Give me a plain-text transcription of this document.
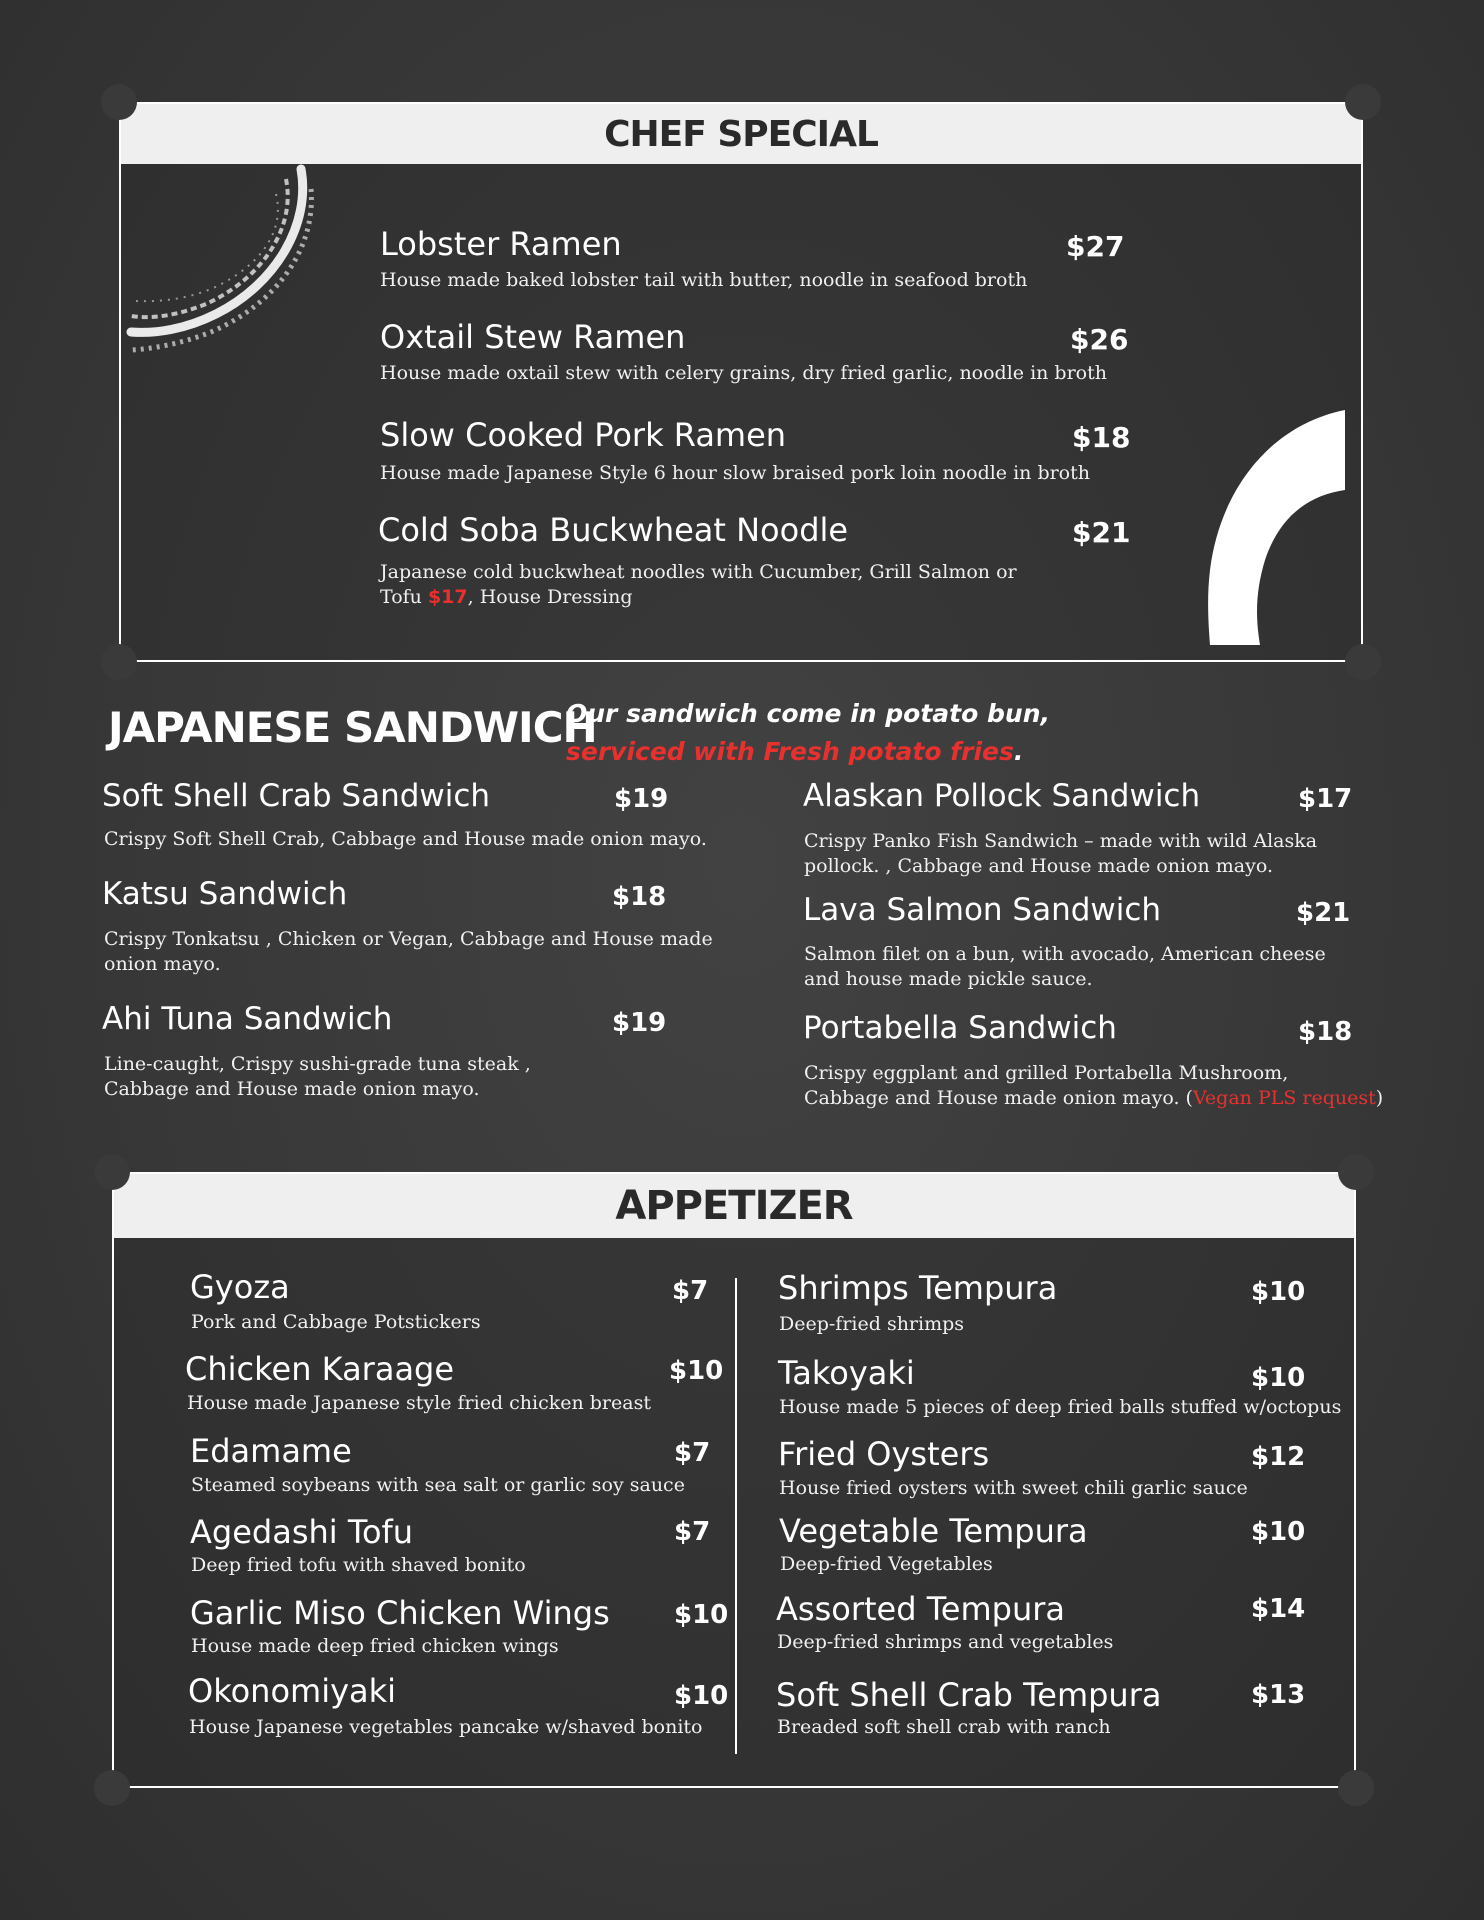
CHEF SPECIAL
Lobster Ramen	$27
House made baked lobster tail with butter, noodle in seafood broth
Oxtail Stew Ramen	$26
House made oxtail stew with celery grains, dry fried garlic, noodle in broth
Slow Cooked Pork Ramen	$18
House made Japanese Style 6 hour slow braised pork loin noodle in broth
Cold Soba Buckwheat Noodle	$21
Japanese cold buckwheat noodles with Cucumber, Grill Salmon or
Tofu $17, House Dressing
JAPANESE SANDWICH
Our sandwich come in potato bun,
serviced with Fresh potato fries.
Soft Shell Crab Sandwich	$19
Crispy Soft Shell Crab, Cabbage and House made onion mayo.
Katsu Sandwich	$18
Crispy Tonkatsu , Chicken or Vegan, Cabbage and House made
onion mayo.
Ahi Tuna Sandwich	$19
Line-caught, Crispy sushi-grade tuna steak ,
Cabbage and House made onion mayo.
Alaskan Pollock Sandwich	$17
Crispy Panko Fish Sandwich – made with wild Alaska
pollock. , Cabbage and House made onion mayo.
Lava Salmon Sandwich	$21
Salmon filet on a bun, with avocado, American cheese
and house made pickle sauce.
Portabella Sandwich	$18
Crispy eggplant and grilled Portabella Mushroom,
Cabbage and House made onion mayo. (Vegan PLS request)
APPETIZER
Gyoza	$7
Pork and Cabbage Potstickers
Chicken Karaage	$10
House made Japanese style fried chicken breast
Edamame	$7
Steamed soybeans with sea salt or garlic soy sauce
Agedashi Tofu	$7
Deep fried tofu with shaved bonito
Garlic Miso Chicken Wings $10
House made deep fried chicken wings
Okonomiyaki	$10
House Japanese vegetables pancake w/shaved bonito
Shrimps Tempura	$10
Deep-fried shrimps
Takoyaki	$10
House made 5 pieces of deep fried balls stuffed w/octopus
Fried Oysters	$12
House fried oysters with sweet chili garlic sauce
Vegetable Tempura	$10
Deep-fried Vegetables
Assorted Tempura	$14
Deep-fried shrimps and vegetables
Soft Shell Crab Tempura	$13
Breaded soft shell crab with ranch
